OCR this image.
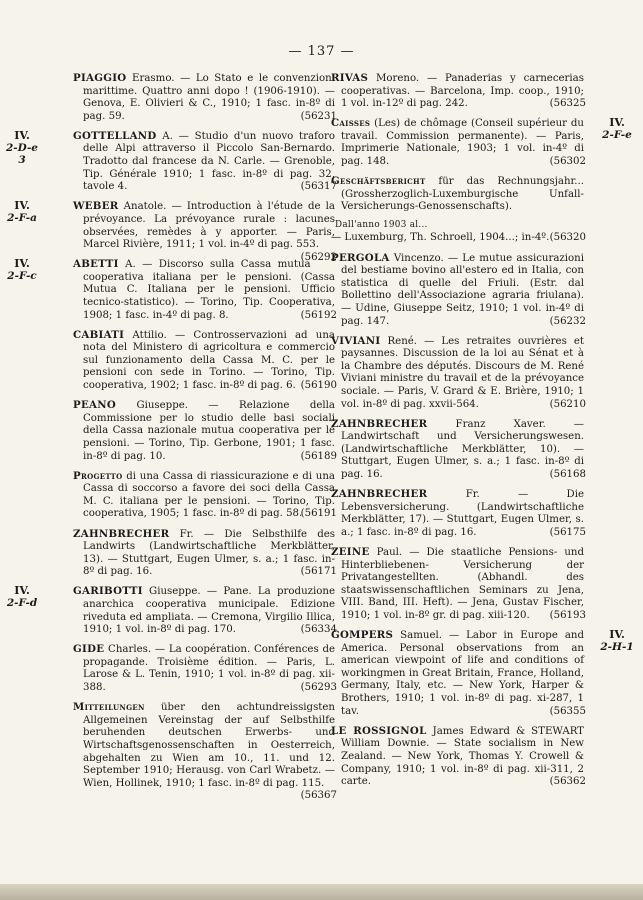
— 137 —
PIAGGIO Erasmo. — Lo Stato e le convenzioni marittime. Quattro anni dopo ! (1906-1910). — Genova, E. Olivieri & C., 1910; 1 fasc. in-8º di pag. 59.	(56231
IV.
2-D-e
3
GOTTELLAND A. — Studio d'un nuovo traforo delle Alpi attraverso il Piccolo San-Bernardo. Tradotto dal francese da N. Carle. — Grenoble, Tip. Générale 1910; 1 fasc. in-8º di pag. 32, tavole 4.	(56317
IV.
2-F-a
WEBER Anatole. — Introduction à l'étude de la prévoyance. La prévoyance rurale : lacunes observées, remèdes à y apporter. — Paris, Marcel Rivière, 1911; 1 vol. in-4º di pag. 553.
(56292
IV.
2-F-c
ABETTI A. — Discorso sulla Cassa mutua cooperativa italiana per le pensioni. (Cassa Mutua C. Italiana per le pensioni. Ufficio tecnico-statistico). — Torino, Tip. Cooperativa, 1908; 1 fasc. in-4º di pag. 8.	(56192
CABIATI Attilio. — Controsservazioni ad una nota del Ministero di agricoltura e commercio sul funzionamento della Cassa M. C. per le pensioni con sede in Torino. — Torino, Tip. cooperativa, 1902; 1 fasc. in-8º di pag. 6. (56190
PEANO Giuseppe. — Relazione della Commissione per lo studio delle basi sociali della Cassa nazionale mutua cooperativa per le pensioni. — Torino, Tip. Gerbone, 1901; 1 fasc. in-8º di pag. 10.	(56189
Progetto di una Cassa di riassicurazione e di una Cassa di soccorso a favore dei soci della Cassa M. C. italiana per le pensioni. — Torino, Tip. cooperativa, 1905; 1 fasc. in-8º di pag. 58.
(56191
ZAHNBRECHER Fr. — Die Selbsthilfe des Landwirts (Landwirtschaftliche Merkblätter, 13). — Stuttgart, Eugen Ulmer, s. a.; 1 fasc. in-8º di pag. 16.	(56171
IV.
2-F-d
GARIBOTTI Giuseppe. — Pane. La produzione anarchica cooperativa municipale. Edizione riveduta ed ampliata. — Cremona, Virgilio Illica, 1910; 1 vol. in-8º di pag. 170.	(56334
GIDE Charles. — La coopération. Conférences de propagande. Troisième édition. — Paris, L. Larose & L. Tenin, 1910; 1 vol. in-8º di pag. xii-388.	(56293
Mitteilungen über den achtundreissigsten Allgemeinen Vereinstag der auf Selbsthilfe beruhenden deutschen Erwerbs- und Wirtschaftsgenossenschaften in Oesterreich, abgehalten zu Wien am 10., 11. und 12. September 1910; Herausg. von Carl Wrabetz. — Wien, Hollinek, 1910; 1 fasc. in-8º di pag. 115.
(56367
RIVAS Moreno. — Panaderias y carnecerias cooperativas. — Barcelona, Imp. coop., 1910; 1 vol. in-12º di pag. 242.	(56325
IV.
2-F-e
Caisses (Les) de chômage (Conseil supérieur du travail. Commission permanente). — Paris, Imprimerie Nationale, 1903; 1 vol. in-4º di pag. 148.	(56302
Geschäftsbericht für das Rechnungsjahr... (Grossherzoglich-Luxemburgische Unfall-Versicherungs-Genossenschafts).
Dall'anno 1903 al...
— Luxemburg, Th. Schroell, 1904...; in-4º. (56320
PERGOLA Vincenzo. — Le mutue assicurazioni del bestiame bovino all'estero ed in Italia, con statistica di quelle del Friuli. (Estr. dal Bollettino dell'Associazione agraria friulana). — Udine, Giuseppe Seitz, 1910; 1 vol. in-4º di pag. 147.	(56232
VIVIANI René. — Les retraites ouvrières et paysannes. Discussion de la loi au Sénat et à la Chambre des députés. Discours de M. René Viviani ministre du travail et de la prévoyance sociale. — Paris, V. Grard & E. Brière, 1910; 1 vol. in-8º di pag. xxvii-564.	(56210
ZAHNBRECHER Franz Xaver. — Landwirtschaft und Versicherungswesen. (Landwirtschaftliche Merkblätter, 10). — Stuttgart, Eugen Ulmer, s. a.; 1 fasc. in-8º di pag. 16.	(56168
ZAHNBRECHER Fr. — Die Lebensversicherung. (Landwirtschaftliche Merkblätter, 17). — Stuttgart, Eugen Ulmer, s. a.; 1 fasc. in-8º di pag. 16.	(56175
ZEINE Paul. — Die staatliche Pensions- und Hinterbliebenen- Versicherung der Privatangestellten. (Abhandl. des staatswissenschaftlichen Seminars zu Jena, VIII. Band, III. Heft). — Jena, Gustav Fischer, 1910; 1 vol. in-8º gr. di pag. xiii-120. (56193
IV.
2-H-1
GOMPERS Samuel. — Labor in Europe and America. Personal observations from an american viewpoint of life and conditions of workingmen in Great Britain, France, Holland, Germany, Italy, etc. — New York, Harper & Brothers, 1910; 1 vol. in-8º di pag. xi-287, 1 tav.	(56355
LE ROSSIGNOL James Edward & STEWART William Downie. — State socialism in New Zealand. — New York, Thomas Y. Crowell & Company, 1910; 1 vol. in-8º di pag. xii-311, 2 carte.	(56362
